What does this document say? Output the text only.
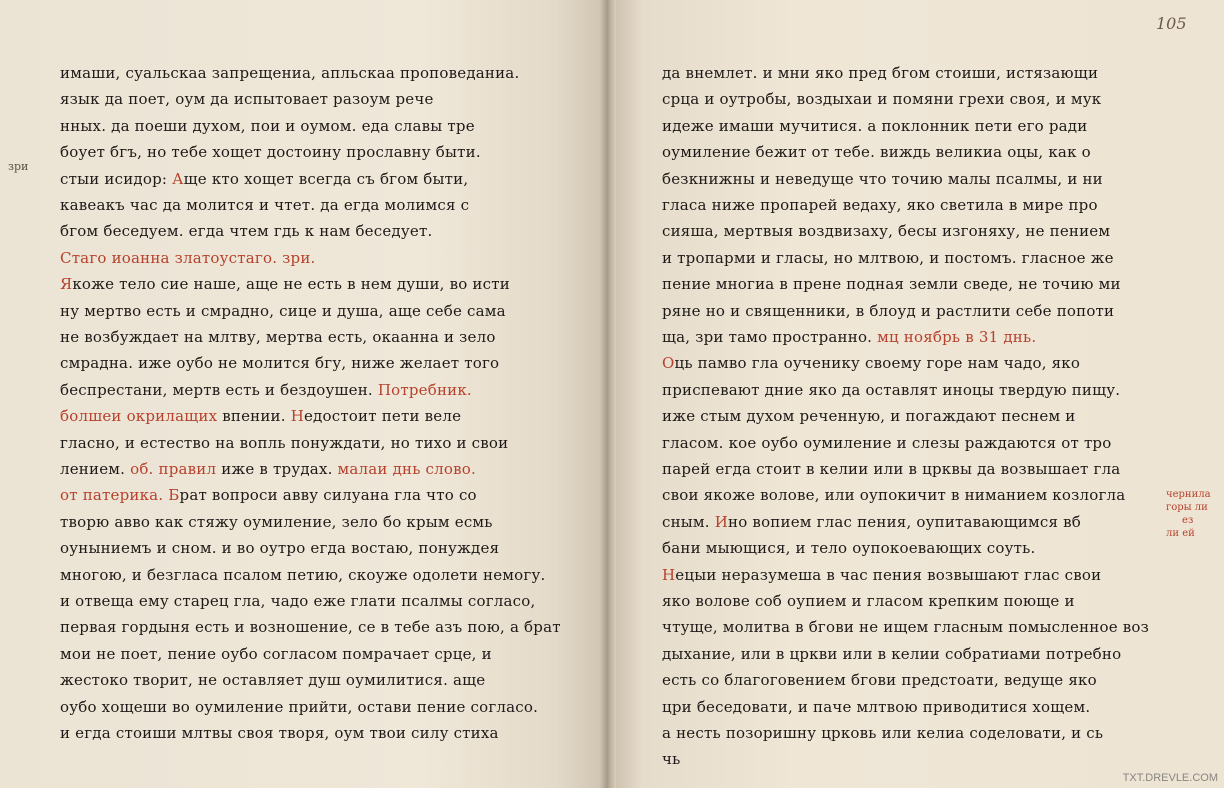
имаши, суальскаа запрещениа, апльскаа проповеданиа.
язык да поет, оум да испытовает разоум рече
нных. да поеши духом, пои и оумом. еда славы тре
боует бгъ, но тебе хощет достоину прославну быти.
стыи исидор: Аще кто хощет всегда съ бгом быти,
кавеакъ час да молится и чтет. да егда молимся с
бгом беседуем. егда чтем гдь к нам беседует.
Стаго иоанна златоустаго. зри.
Якоже тело сие наше, аще не есть в нем души, во исти
ну мертво есть и смрадно, сице и душа, аще себе сама
не возбуждает на млтву, мертва есть, окаанна и зело
смрадна. иже оубо не молится бгу, ниже желает того
беспрестани, мертв есть и бездоушен. Потребник.
болшеи окрилащих впении. Недостоит пети веле
гласно, и естество на вопль понуждати, но тихо и свои
лением. об. правил иже в трудах. малаи днь слово.
от патерика. Брат вопроси авву силуана гла что со
творю авво как стяжу оумиление, зело бо крым есмь
оуныниемъ и сном. и во оутро егда востаю, понуждея
многою, и безгласа псалом петию, скоуже одолети немогу.
и отвеща ему старец гла, чадо еже глати псалмы согласо,
первая гордыня есть и возношение, се в тебе азъ пою, а брат
мои не поет, пение оубо согласом помрачает срце, и
жестоко творит, не оставляет душ оумилитися. аще
оубо хощеши во оумиление прийти, остави пение согласо.
и егда стоиши млтвы своя творя, оум твои силу стиха
да внемлет. и мни яко пред бгом стоиши, истязающи
срца и оутробы, воздыхаи и помяни грехи своя, и мук
идеже имаши мучитися. а поклонник пети его ради
оумиление бежит от тебе. виждь великиа оцы, как о
безкнижны и неведуще что точию малы псалмы, и ни
гласа ниже пропарей ведаху, яко светила в мире про
сияша, мертвыя воздвизаху, бесы изгоняху, не пением
и тропарми и гласы, но млтвою, и постомъ. гласное же
пение многиа в прене подная земли сведе, не точию ми
ряне но и священники, в блоуд и растлити себе попоти
ща, зри тамо пространно. мц ноябрь в 31 днь.
Оць памво гла оученику своему горе нам чадо, яко
приспевают дние яко да оставлят иноцы твердую пищу.
иже стым духом реченную, и погаждают песнем и
гласом. кое оубо оумиление и слезы раждаются от тро
парей егда стоит в келии или в црквы да возвышает гла
свои якоже волове, или оупокичит в ниманием козлогла
сным. Ино вопием глас пения, оупитавающимся вб
бани мыющися, и тело оупокоевающих соуть.
Нецыи неразумеша в час пения возвышают глас свои
яко волове соб оупием и гласом крепким поюще и
чтуще, молитва в бгови не ищем гласным помысленное воз
дыхание, или в цркви или в келии собратиами потребно
есть со благоговением бгови предстоати, ведуще яко
цри беседовати, и паче млтвою приводитися хощем.
а несть позоришну црковь или келиа соделовати, и сь
чь
зри
чернила
горы ли
ез
ли ей
105
TXT.DREVLE.COM
